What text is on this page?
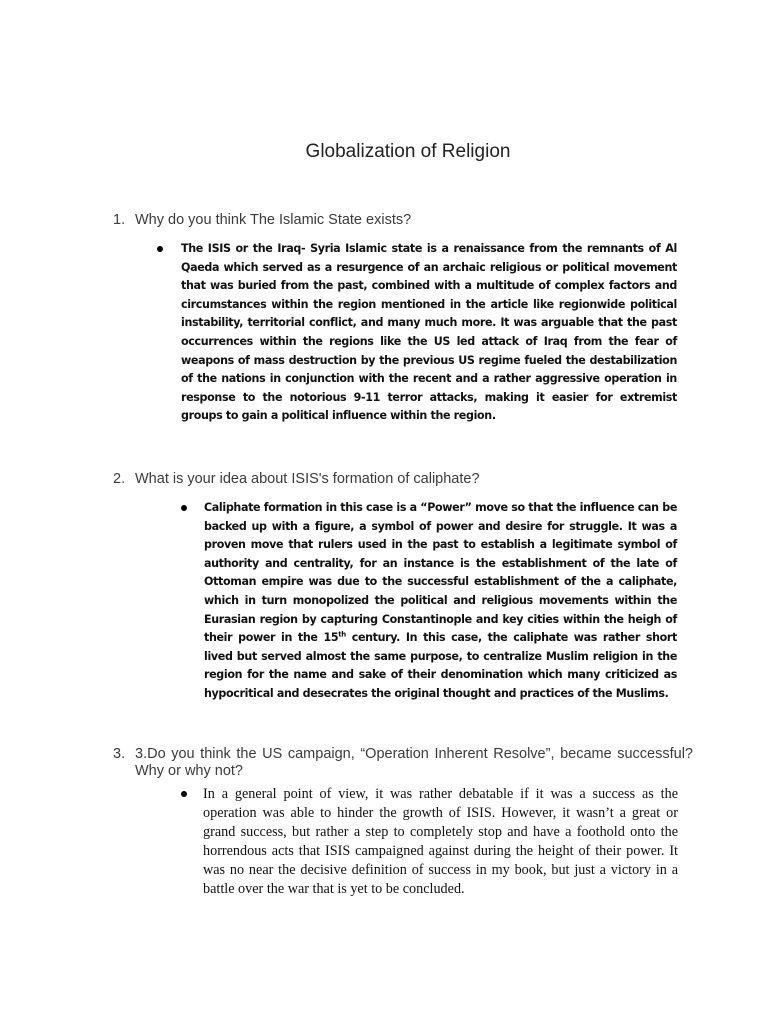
Globalization of Religion
1. Why do you think The Islamic State exists?

The ISIS or the Iraq- Syria Islamic state is a renaissance from the remnants of Al Qaeda which served as a resurgence of an archaic religious or political movement that was buried from the past, combined with a multitude of complex factors and circumstances within the region mentioned in the article like regionwide political instability, territorial conflict, and many much more. It was arguable that the past occurrences within the regions like the US led attack of Iraq from the fear of weapons of mass destruction by the previous US regime fueled the destabilization of the nations in conjunction with the recent and a rather aggressive operation in response to the notorious 9-11 terror attacks, making it easier for extremist groups to gain a political influence within the region.

2. What is your idea about ISIS's formation of caliphate?

Caliphate formation in this case is a “Power” move so that the influence can be backed up with a figure, a symbol of power and desire for struggle. It was a proven move that rulers used in the past to establish a legitimate symbol of authority and centrality, for an instance is the establishment of the late of Ottoman empire was due to the successful establishment of the a caliphate, which in turn monopolized the political and religious movements within the Eurasian region by capturing Constantinople and key cities within the heigh of their power in the 15th century. In this case, the caliphate was rather short lived but served almost the same purpose, to centralize Muslim religion in the region for the name and sake of their denomination which many criticized as hypocritical and desecrates the original thought and practices of the Muslims.

3. 3.Do you think the US campaign, “Operation Inherent Resolve”, became successful? Why or why not?

In a general point of view, it was rather debatable if it was a success as the operation was able to hinder the growth of ISIS. However, it wasn’t a great or grand success, but rather a step to completely stop and have a foothold onto the horrendous acts that ISIS campaigned against during the height of their power. It was no near the decisive definition of success in my book, but just a victory in a battle over the war that is yet to be concluded.
